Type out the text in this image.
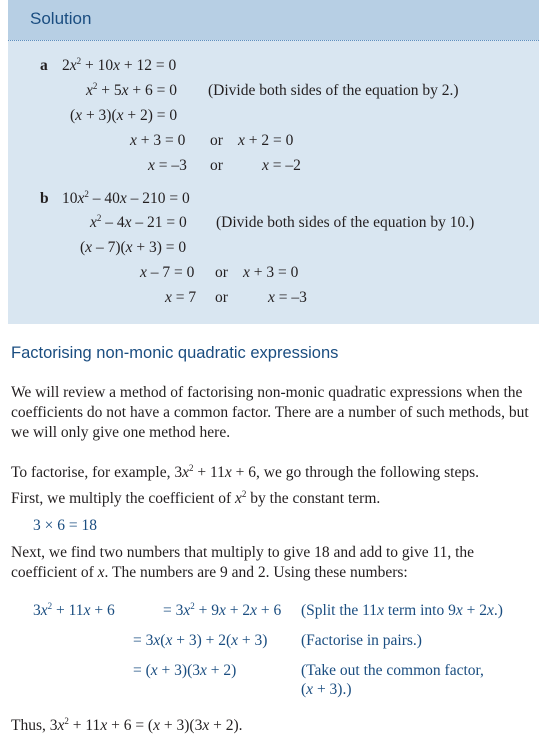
Solution
a $2x^2 + 10x + 12 = 0$
$x^2 + 5x + 6 = 0$ (Divide both sides of the equation by 2.)
(x + 3)(x + 2) = 0
x + 3 = 0 or x + 2 = 0
x = –3 or	x = –2
b $10x^2 - 40x - 210 = 0$
$x^2 - 4x - 21 = 0$ (Divide both sides of the equation by 10.)
(x – 7)(x + 3) = 0
x – 7 = 0 or x + 3 = 0
x = 7 or	x = –3
Factorising non-monic quadratic expressions
We will review a method of factorising non-monic quadratic expressions when the coefficients do not have a common factor. There are a number of such methods, but we will only give one method here.
To factorise, for example, $3x^2 + 11x + 6$, we go through the following steps.
First, we multiply the coefficient of $x^2$ by the constant term.
3 × 6 = 18
Next, we find two numbers that multiply to give 18 and add to give 11, the coefficient of x. The numbers are 9 and 2. Using these numbers:
$3x^2 + 11x + 6$	= $3x^2 + 9x + 2x + 6$ (Split the 11x term into 9x + 2x.)
= 3x(x + 3) + 2(x + 3) (Factorise in pairs.)
= (x + 3)(3x + 2)	(Take out the common factor,
(x + 3).)
Thus, $3x^2 + 11x + 6 = (x + 3)(3x + 2)$.
